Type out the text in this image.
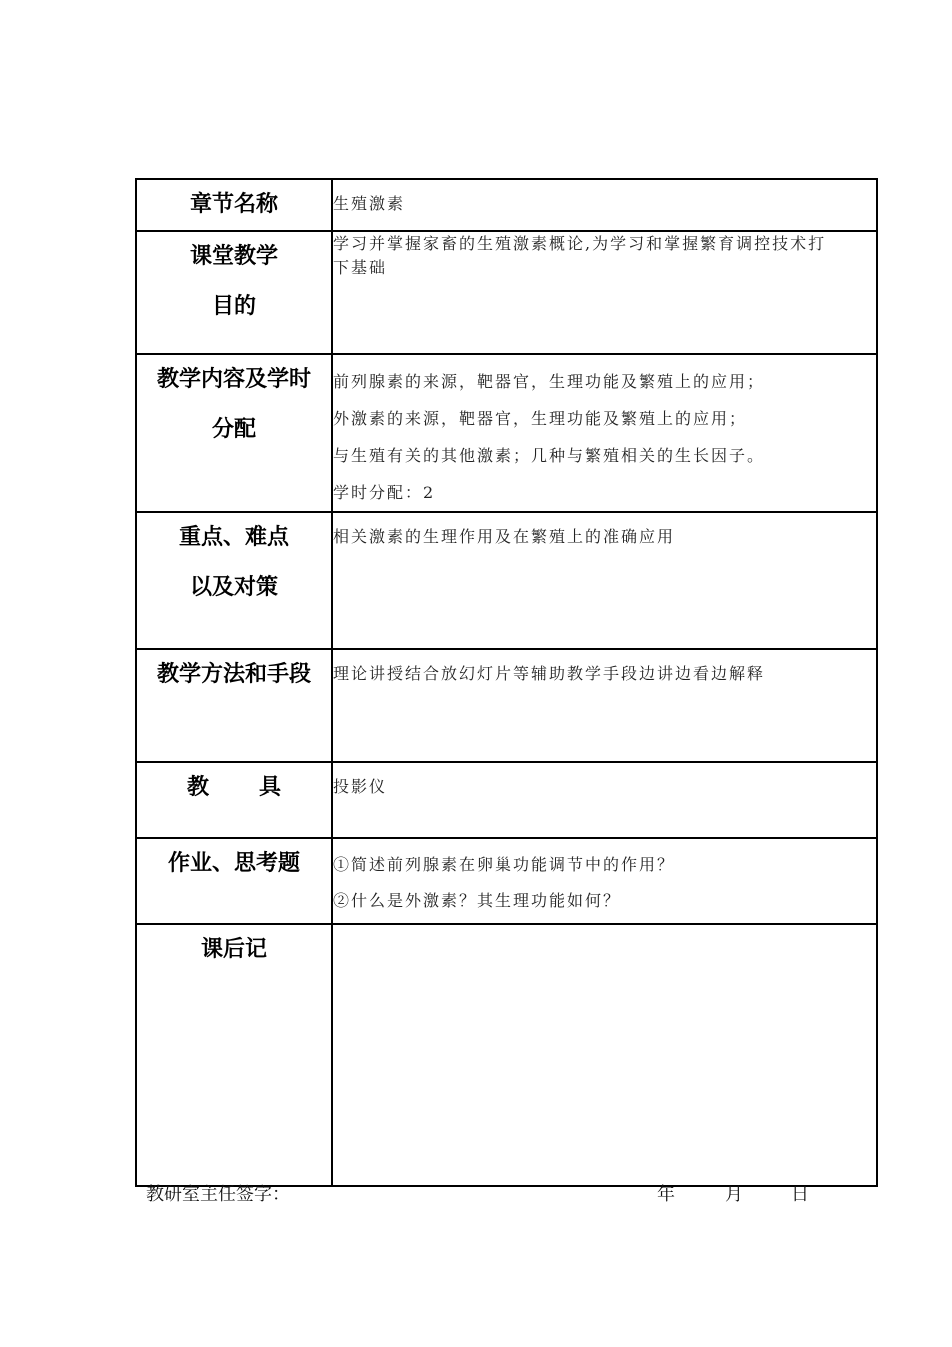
章节名称	生殖激素

课堂教学
目的	学习并掌握家畜的生殖激素概论,为学习和掌握繁育调控技术打
下基础

教学内容及学时
分配	前列腺素的来源，靶器官，生理功能及繁殖上的应用；
外激素的来源，靶器官，生理功能及繁殖上的应用；
与生殖有关的其他激素；几种与繁殖相关的生长因子。
学时分配：2

重点、难点
以及对策	相关激素的生理作用及在繁殖上的准确应用

教学方法和手段	理论讲授结合放幻灯片等辅助教学手段边讲边看边解释

教 具	投影仪

作业、思考题	①简述前列腺素在卵巢功能调节中的作用？
②什么是外激素？其生理功能如何？

课后记	
教研室主任签字：	年	月	日
